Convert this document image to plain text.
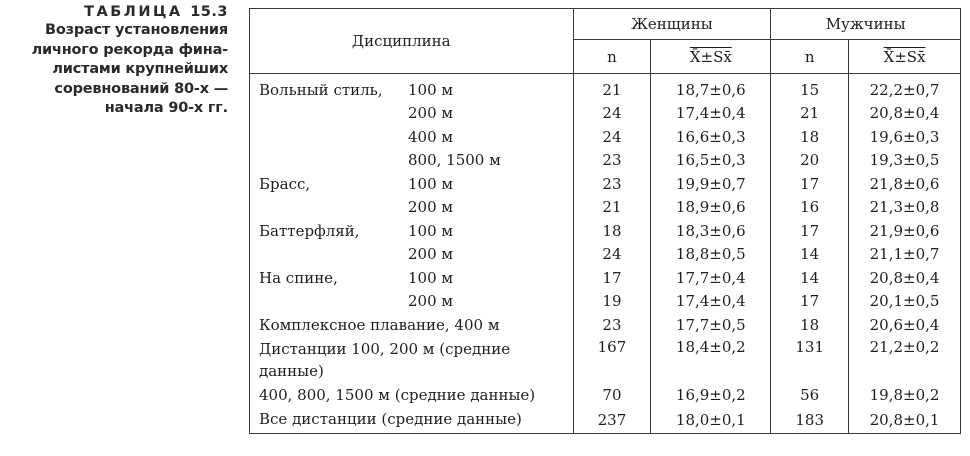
ТАБЛИЦА 15.3
Возраст установления
личного рекорда фина-
листами крупнейших
соревнований 80-х —
начала 90-х гг.
Дисциплина	Женщины		Мужчины	
	n	X̄±Sx̄	n	X̄±Sx̄
Вольный стиль, 100 м	21	18,7±0,6	15	22,2±0,7
200 м	24	17,4±0,4	21	20,8±0,4
400 м	24	16,6±0,3	18	19,6±0,3
800, 1500 м	23	16,5±0,3	20	19,3±0,5
Брасс, 100 м	23	19,9±0,7	17	21,8±0,6
200 м	21	18,9±0,6	16	21,3±0,8
Баттерфляй, 100 м	18	18,3±0,6	17	21,9±0,6
200 м	24	18,8±0,5	14	21,1±0,7
На спине, 100 м	17	17,7±0,4	14	20,8±0,4
200 м	19	17,4±0,4	17	20,1±0,5
Комплексное плавание, 400 м	23	17,7±0,5	18	20,6±0,4
Дистанции 100, 200 м (средние данные)	167	18,4±0,2	131	21,2±0,2
400, 800, 1500 м (средние данные)	70	16,9±0,2	56	19,8±0,2
Все дистанции (средние данные)	237	18,0±0,1	183	20,8±0,1
